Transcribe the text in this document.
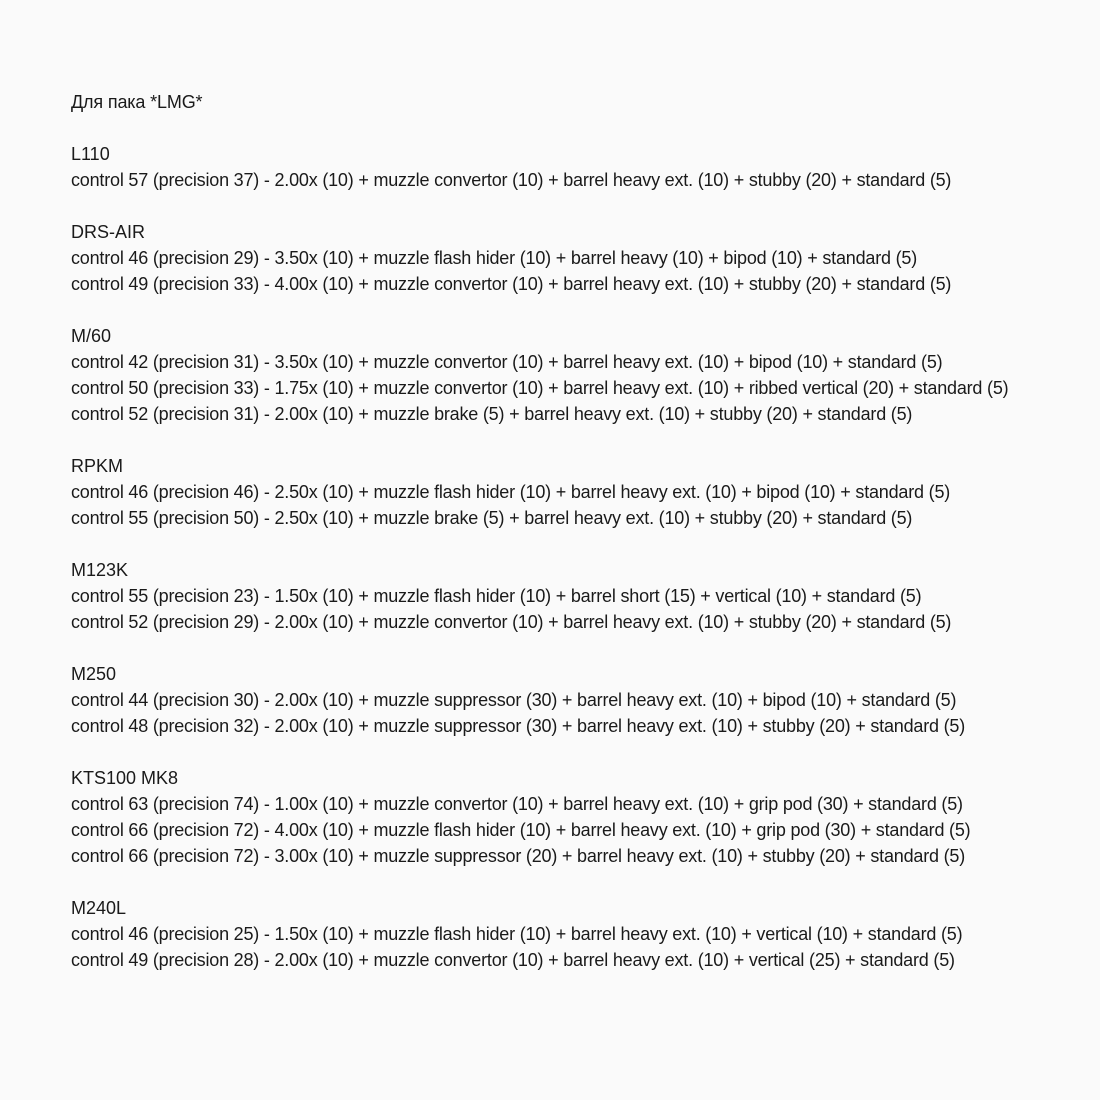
Для пака *LMG*
L110
control 57 (precision 37) - 2.00x (10) + muzzle convertor (10) + barrel heavy ext. (10) + stubby (20) + standard (5)
DRS-AIR
control 46 (precision 29) - 3.50x (10) + muzzle flash hider (10) + barrel heavy (10) + bipod (10) + standard (5)
control 49 (precision 33) - 4.00x (10) + muzzle convertor (10) + barrel heavy ext. (10) + stubby (20) + standard (5)
M/60
control 42 (precision 31) - 3.50x (10) + muzzle convertor (10) + barrel heavy ext. (10) + bipod (10) + standard (5)
control 50 (precision 33) - 1.75x (10) + muzzle convertor (10) + barrel heavy ext. (10) + ribbed vertical (20) + standard (5)
control 52 (precision 31) - 2.00x (10) + muzzle brake (5) + barrel heavy ext. (10) + stubby (20) + standard (5)
RPKM
control 46 (precision 46) - 2.50x (10) + muzzle flash hider (10) + barrel heavy ext. (10) + bipod (10) + standard (5)
control 55 (precision 50) - 2.50x (10) + muzzle brake (5) + barrel heavy ext. (10) + stubby (20) + standard (5)
M123K
control 55 (precision 23) - 1.50x (10) + muzzle flash hider (10) + barrel short (15) + vertical (10) + standard (5)
control 52 (precision 29) - 2.00x (10) + muzzle convertor (10) + barrel heavy ext. (10) + stubby (20) + standard (5)
M250
control 44 (precision 30) - 2.00x (10) + muzzle suppressor (30) + barrel heavy ext. (10) + bipod (10) + standard (5)
control 48 (precision 32) - 2.00x (10) + muzzle suppressor (30) + barrel heavy ext. (10) + stubby (20) + standard (5)
KTS100 MK8
control 63 (precision 74) - 1.00x (10) + muzzle convertor (10) + barrel heavy ext. (10) + grip pod (30) + standard (5)
control 66 (precision 72) - 4.00x (10) + muzzle flash hider (10) + barrel heavy ext. (10) + grip pod (30) + standard (5)
control 66 (precision 72) - 3.00x (10) + muzzle suppressor (20) + barrel heavy ext. (10) + stubby (20) + standard (5)
M240L
control 46 (precision 25) - 1.50x (10) + muzzle flash hider (10) + barrel heavy ext. (10) + vertical (10) + standard (5)
control 49 (precision 28) - 2.00x (10) + muzzle convertor (10) + barrel heavy ext. (10) + vertical (25) + standard (5)
